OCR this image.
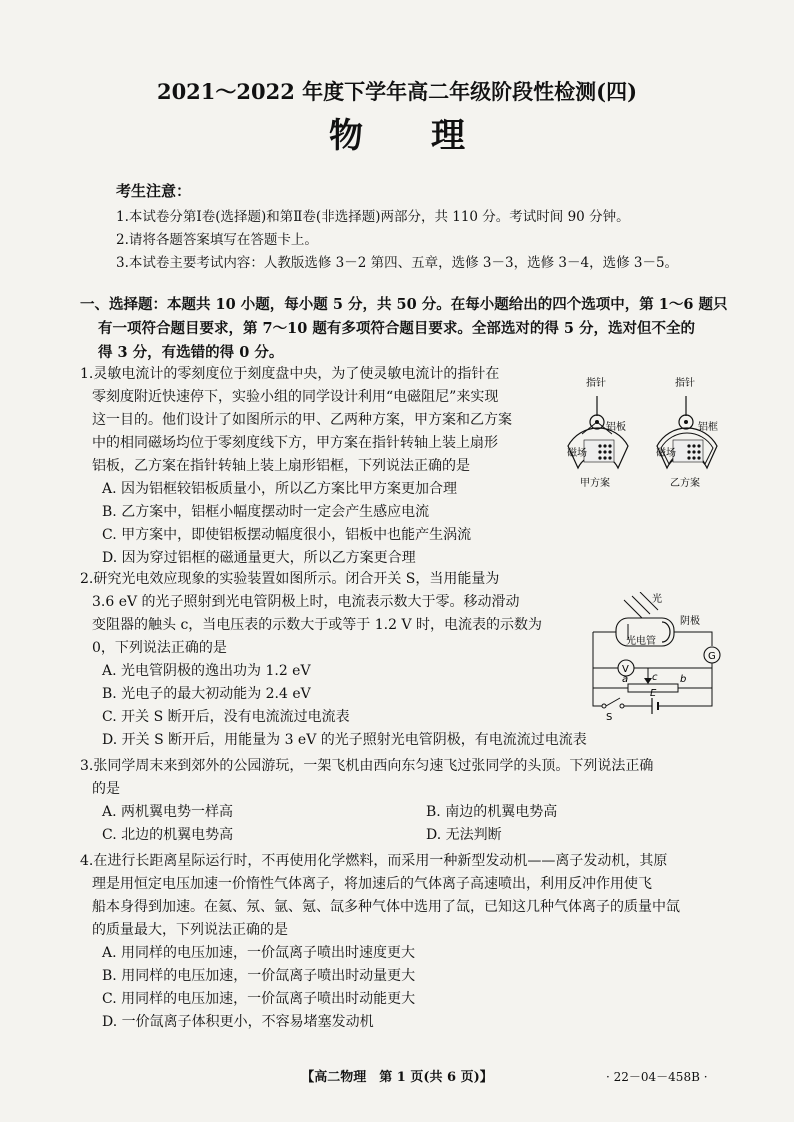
2021～2022 年度下学年高二年级阶段性检测(四)
物 理
考生注意：
1.本试卷分第Ⅰ卷(选择题)和第Ⅱ卷(非选择题)两部分，共 110 分。考试时间 90 分钟。
2.请将各题答案填写在答题卡上。
3.本试卷主要考试内容：人教版选修 3－2 第四、五章，选修 3－3，选修 3－4，选修 3－5。
一、选择题：本题共 10 小题，每小题 5 分，共 50 分。在每小题给出的四个选项中，第 1～6 题只
有一项符合题目要求，第 7～10 题有多项符合题目要求。全部选对的得 5 分，选对但不全的
得 3 分，有选错的得 0 分。
1.灵敏电流计的零刻度位于刻度盘中央，为了使灵敏电流计的指针在
零刻度附近快速停下，实验小组的同学设计利用“电磁阻尼”来实现
这一目的。他们设计了如图所示的甲、乙两种方案，甲方案和乙方案
中的相同磁场均位于零刻度线下方，甲方案在指针转轴上装上扇形
铝板，乙方案在指针转轴上装上扇形铝框，下列说法正确的是
A. 因为铝框较铝板质量小，所以乙方案比甲方案更加合理
B. 乙方案中，铝框小幅度摆动时一定会产生感应电流
C. 甲方案中，即使铝板摆动幅度很小，铝板中也能产生涡流
D. 因为穿过铝框的磁通量更大，所以乙方案更合理
指针
铝板
磁场
甲方案
指针
铝框
磁场
乙方案
2.研究光电效应现象的实验装置如图所示。闭合开关 S，当用能量为
3.6 eV 的光子照射到光电管阴极上时，电流表示数大于零。移动滑动
变阻器的触头 c，当电压表的示数大于或等于 1.2 V 时，电流表的示数为
0，下列说法正确的是
A. 光电管阴极的逸出功为 1.2 eV
B. 光电子的最大初动能为 2.4 eV
C. 开关 S 断开后，没有电流流过电流表
D. 开关 S 断开后，用能量为 3 eV 的光子照射光电管阴极，有电流流过电流表
光
阴极
光电管
G
V
a c b
E
S
3.张同学周末来到郊外的公园游玩，一架飞机由西向东匀速飞过张同学的头顶。下列说法正确
的是
A. 两机翼电势一样高	B. 南边的机翼电势高
C. 北边的机翼电势高	D. 无法判断
4.在进行长距离星际运行时，不再使用化学燃料，而采用一种新型发动机——离子发动机，其原
理是用恒定电压加速一价惰性气体离子，将加速后的气体离子高速喷出，利用反冲作用使飞
船本身得到加速。在氦、氖、氩、氪、氙多种气体中选用了氙，已知这几种气体离子的质量中氙
的质量最大，下列说法正确的是
A. 用同样的电压加速，一价氙离子喷出时速度更大
B. 用同样的电压加速，一价氙离子喷出时动量更大
C. 用同样的电压加速，一价氙离子喷出时动能更大
D. 一价氙离子体积更小，不容易堵塞发动机
【高二物理　第 1 页(共 6 页)】	· 22－04－458B ·
